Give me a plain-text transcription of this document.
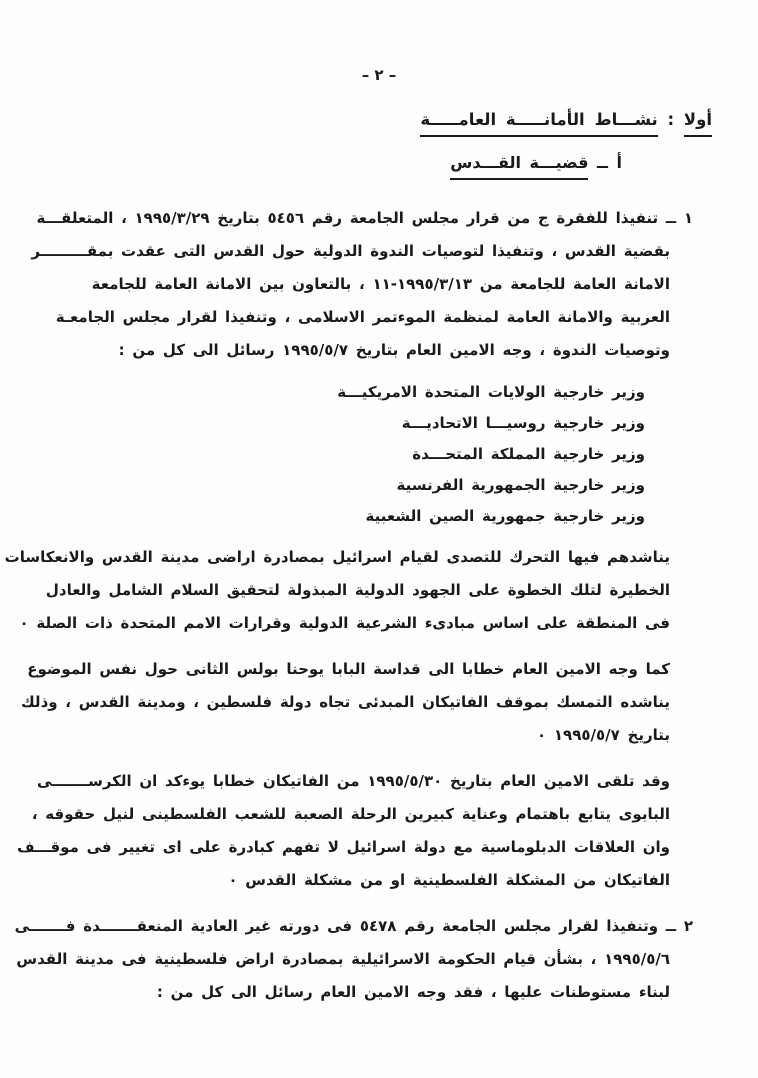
– ٢ –
أولا : نشـــاط الأمانـــــة العامـــــة
أ ــ قضيـــة القـــدس
١ ــ تنفيذا للفقرة ج من قرار مجلس الجامعة رقم ٥٤٥٦ بتاريخ ١٩٩٥/٣/٢٩ ، المتعلقـــة
بقضية القدس ، وتنفيذا لتوصيات الندوة الدولية حول القدس التى عقدت بمقـــــــــر
الامانة العامة للجامعة من ⁦١٩٩٥/٣/١٣-١١⁩ ، بالتعاون بين الامانة العامة للجامعة
العربية والامانة العامة لمنظمة الموءتمر الاسلامى ، وتنفيذا لقرار مجلس الجامعـة
وتوصيات الندوة ، وجه الامين العام بتاريخ ١٩٩٥/٥/٧ رسائل الى كل من :
وزير خارجية الولايات المتحدة الامريكيـــة
وزير خارجية روسيـــا الاتحاديـــة
وزير خارجية المملكة المتحـــدة
وزير خارجية الجمهورية الفرنسية
وزير خارجية جمهورية الصين الشعبية
يناشدهم فيها التحرك للتصدى لقيام اسرائيل بمصادرة اراضى مدينة القدس والانعكاسات
الخطيرة لتلك الخطوة على الجهود الدولية المبذولة لتحقيق السلام الشامل والعادل
فى المنطقة على اساس مبادىء الشرعية الدولية وقرارات الامم المتحدة ذات الصلة ٠
كما وجه الامين العام خطابا الى قداسة البابا يوحنا بولس الثانى حول نفس الموضوع
يناشده التمسك بموقف الفاتيكان المبدئى تجاه دولة فلسطين ، ومدينة القدس ، وذلك
بتاريخ ١٩٩٥/٥/٧ ٠
وقد تلقى الامين العام بتاريخ ١٩٩٥/٥/٣٠ من الفاتيكان خطابا يوءكد ان الكرســـــــى
البابوى يتابع باهتمام وعناية كبيرين الرحلة الصعبة للشعب الفلسطينى لنيل حقوقه ،
وان العلاقات الدبلوماسية مع دولة اسرائيل لا تفهم كبادرة على اى تغيير فى موقـــف
الفاتيكان من المشكلة الفلسطينية او من مشكلة القدس ٠
٢ ــ وتنفيذا لقرار مجلس الجامعة رقم ٥٤٧٨ فى دورته غير العادية المنعقـــــــدة فـــــــى
١٩٩٥/٥/٦ ، بشأن قيام الحكومة الاسرائيلية بمصادرة اراض فلسطينية فى مدينة القدس
لبناء مستوطنات عليها ، فقد وجه الامين العام رسائل الى كل من :
